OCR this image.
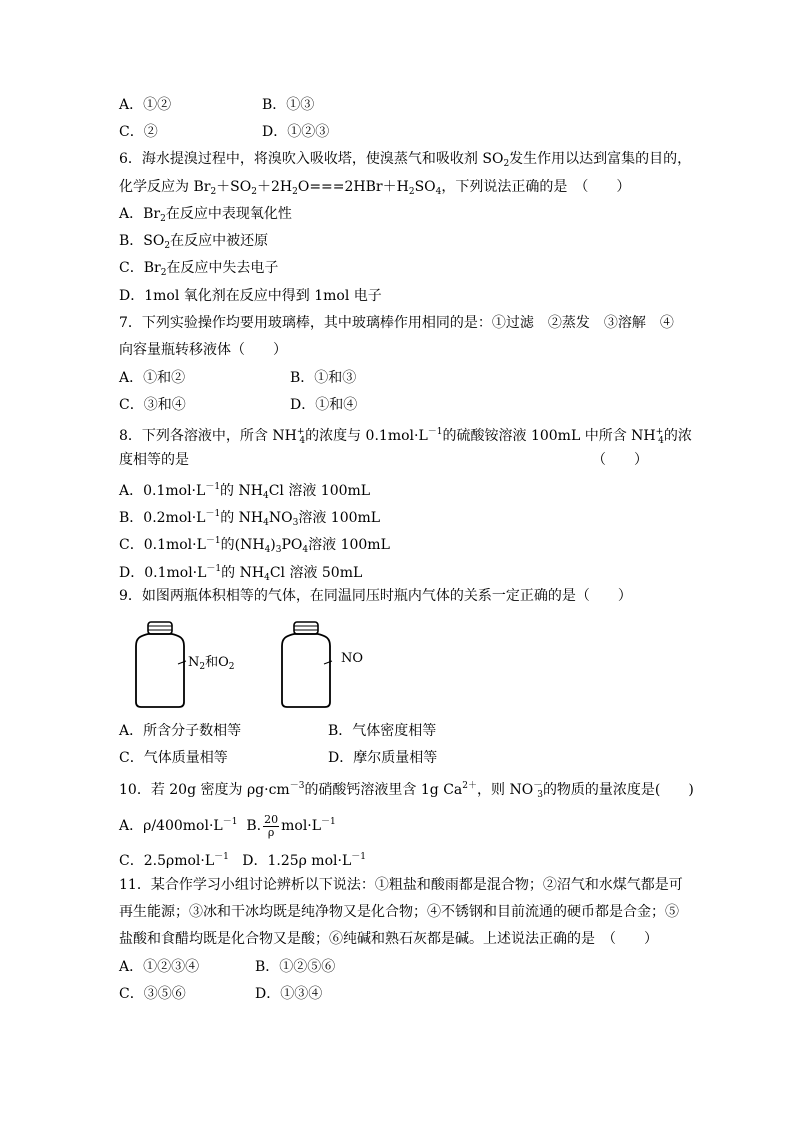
A．①②	B．①③
C．②	D．①②③
6．海水提溴过程中，将溴吹入吸收塔，使溴蒸气和吸收剂 $SO_2$发生作用以达到富集的目的，
化学反应为 $Br_2+SO_2+2H_2O===2HBr+H_2SO_4$，下列说法正确的是　（　　）
A．$Br_2$在反应中表现氧化性
B．$SO_2$在反应中被还原
C．$Br_2$在反应中失去电子
D．1mol 氧化剂在反应中得到 1mol 电子
7．下列实验操作均要用玻璃棒，其中玻璃棒作用相同的是：①过滤　②蒸发　③溶解　④
向容量瓶转移液体（　　）
A．①和②	B．①和③
C．③和④	D．①和④
8．下列各溶液中，所含 $NH^+_4$的浓度与 $0.1mol\cdot L^{-1}$的硫酸铵溶液 100mL 中所含 $NH^+_4$的浓
度相等的是	（　　）
A．$0.1mol\cdot L^{-1}$的 $NH_4Cl$ 溶液 100mL
B．$0.2mol\cdot L^{-1}$的 $NH_4NO_3$溶液 100mL
C．$0.1mol\cdot L^{-1}$的$(NH_4)_3PO_4$溶液 100mL
D．$0.1mol\cdot L^{-1}$的 $NH_4Cl$ 溶液 50mL
9．如图两瓶体积相等的气体，在同温同压时瓶内气体的关系一定正确的是（　　）
$N_2$和$O_2$
NO
A．所含分子数相等	B．气体密度相等
C．气体质量相等	D．摩尔质量相等
10．若 20g 密度为 $\rho g\cdot cm^{-3}$的硝酸钙溶液里含 1g $Ca^{2+}$，则 $NO^-_3$的物质的量浓度是(　　)
A．$\rho/400mol\cdot L^{-1}$ B. $\frac{20}{\rho} mol\cdot L^{-1}$
C．$2.5\rho mol\cdot L^{-1}$ D．1.25ρ $mol\cdot L^{-1}$
11．某合作学习小组讨论辨析以下说法：①粗盐和酸雨都是混合物；②沼气和水煤气都是可
再生能源；③冰和干冰均既是纯净物又是化合物；④不锈钢和目前流通的硬币都是合金；⑤
盐酸和食醋均既是化合物又是酸；⑥纯碱和熟石灰都是碱。上述说法正确的是　（　　）
A．①②③④	B．①②⑤⑥
C．③⑤⑥	D．①③④
